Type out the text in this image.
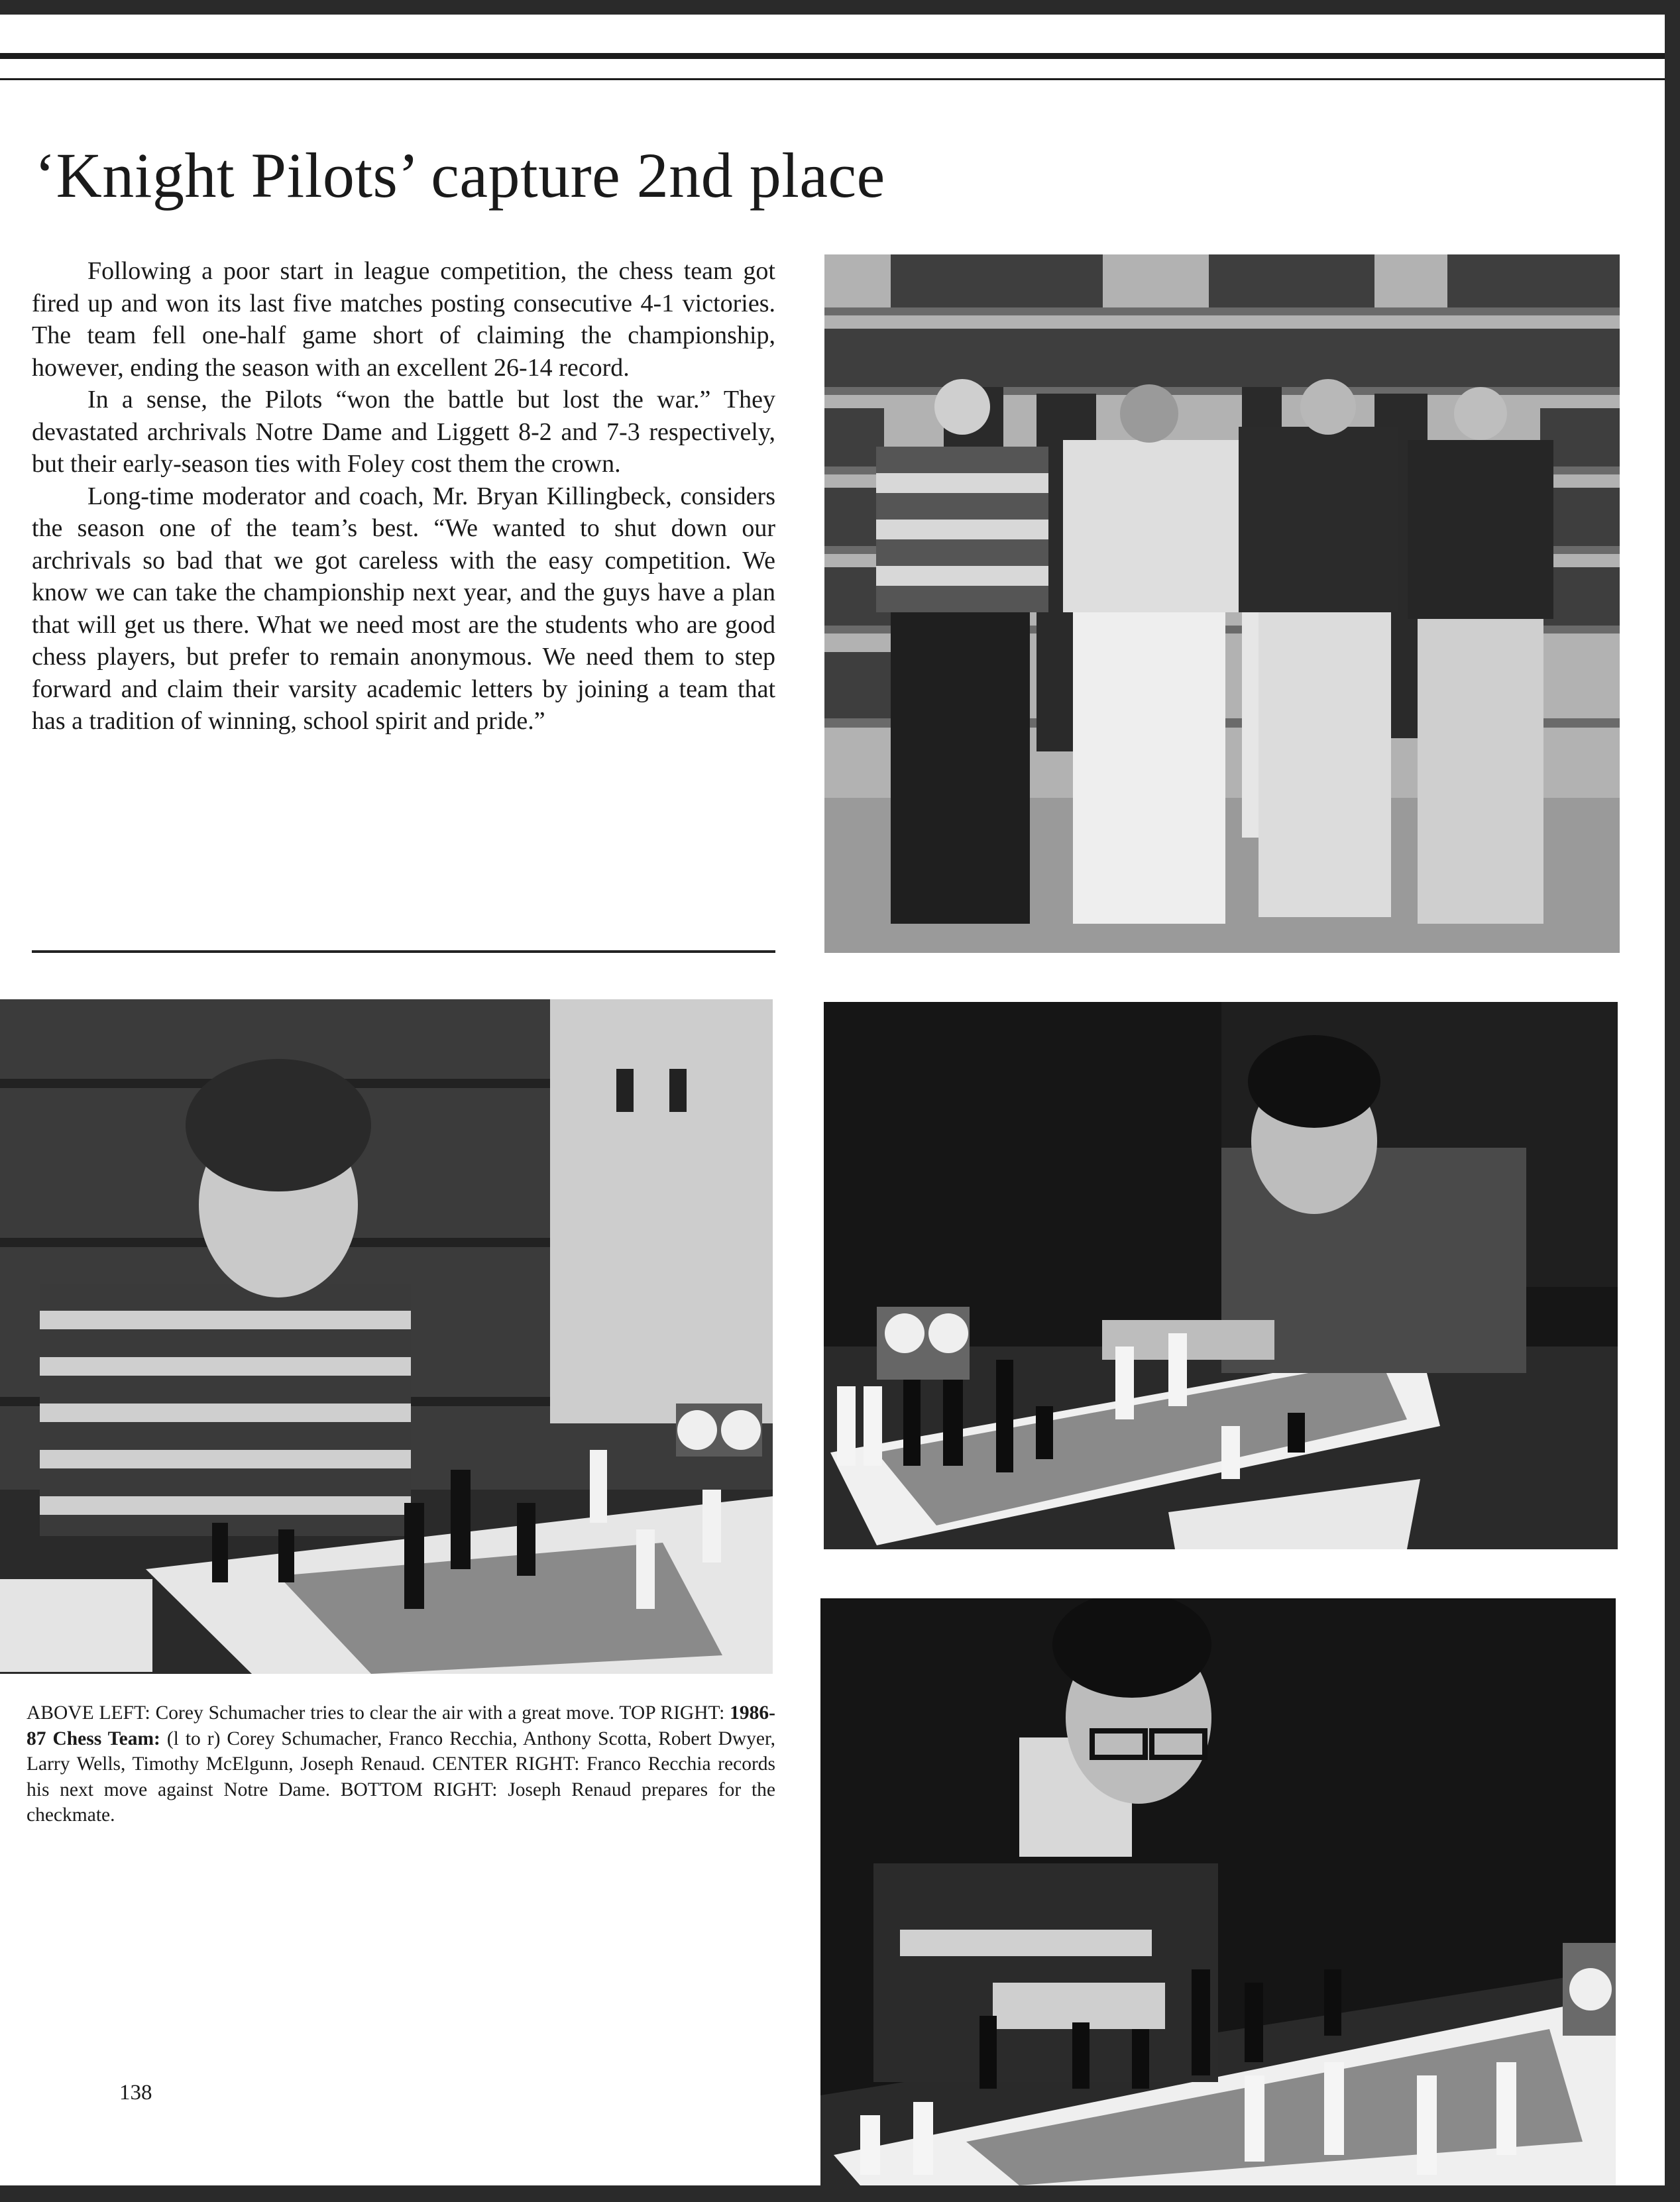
‘Knight Pilots’ capture 2nd place

Following a poor start in league competition, the chess team got fired up and won its last five matches posting consecutive 4-1 victories. The team fell one-half game short of claiming the championship, however, ending the season with an excellent 26-14 record.

In a sense, the Pilots “won the battle but lost the war.” They devastated archrivals Notre Dame and Liggett 8-2 and 7-3 respectively, but their early-season ties with Foley cost them the crown.

Long-time moderator and coach, Mr. Bryan Killingbeck, considers the season one of the team’s best. “We wanted to shut down our archrivals so bad that we got careless with the easy competition. We know we can take the championship next year, and the guys have a plan that will get us there. What we need most are the students who are good chess players, but prefer to remain anonymous. We need them to step forward and claim their varsity academic letters by joining a team that has a tradition of winning, school spirit and pride.”

ABOVE LEFT: Corey Schumacher tries to clear the air with a great move. TOP RIGHT: 1986-87 Chess Team: (l to r) Corey Schumacher, Franco Recchia, Anthony Scotta, Robert Dwyer, Larry Wells, Timothy McElgunn, Joseph Renaud. CENTER RIGHT: Franco Recchia records his next move against Notre Dame. BOTTOM RIGHT: Joseph Renaud prepares for the checkmate.
138
